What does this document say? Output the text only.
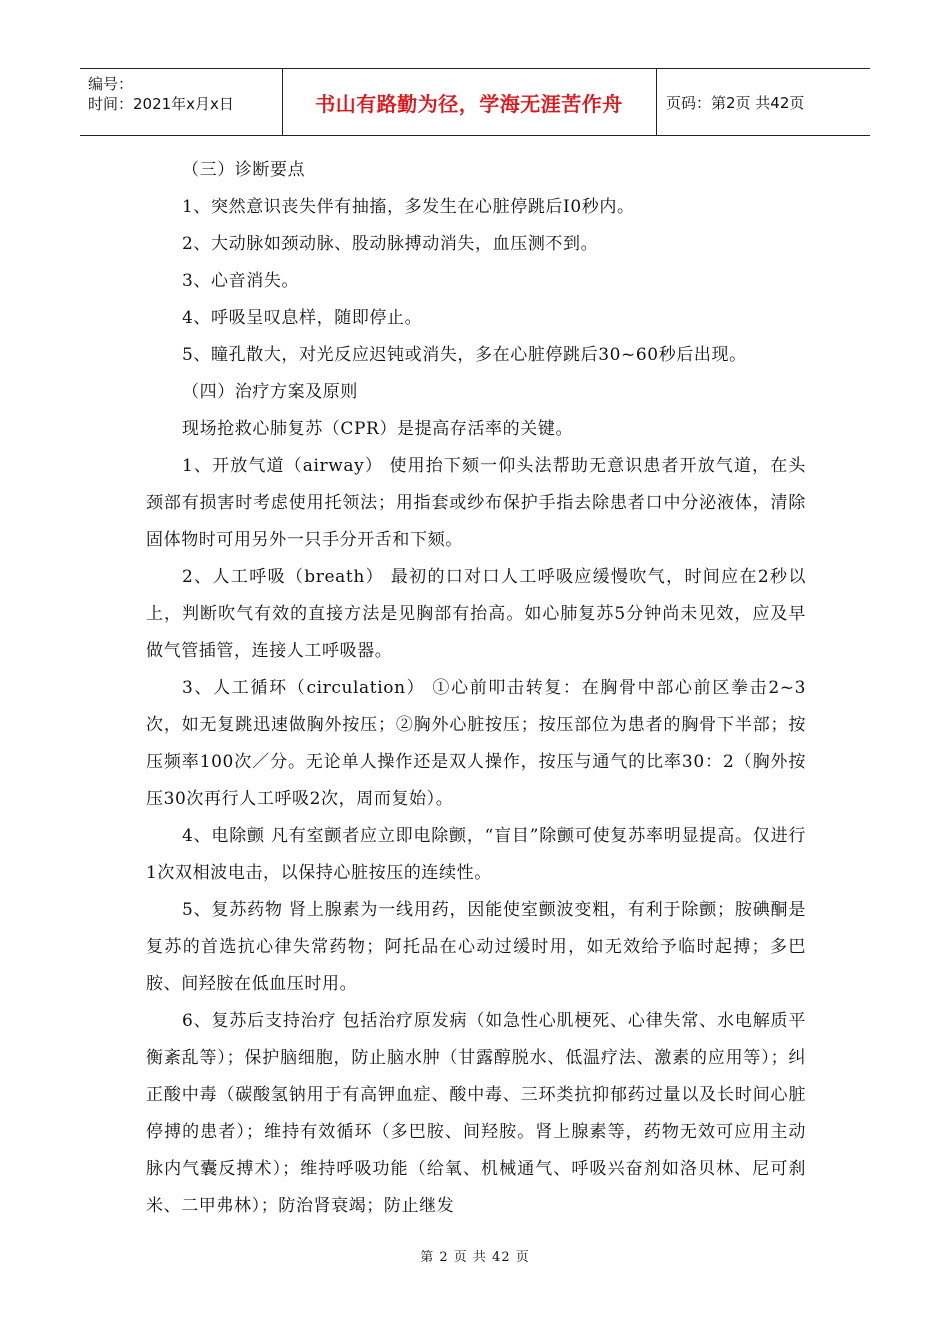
编号：
时间：2021年x月x日	书山有路勤为径，学海无涯苦作舟	页码：第2页 共42页

（三）诊断要点

1、突然意识丧失伴有抽搐，多发生在心脏停跳后I0秒内。

2、大动脉如颈动脉、股动脉搏动消失，血压测不到。

3、心音消失。

4、呼吸呈叹息样，随即停止。

5、瞳孔散大，对光反应迟钝或消失，多在心脏停跳后30~60秒后出现。

（四）治疗方案及原则

现场抢救心肺复苏（CPR）是提高存活率的关键。

1、开放气道（airway） 使用抬下颏一仰头法帮助无意识患者开放气道，在头颈部有损害时考虑使用托领法；用指套或纱布保护手指去除患者口中分泌液体，清除固体物时可用另外一只手分开舌和下颏。

2、人工呼吸（breath） 最初的口对口人工呼吸应缓慢吹气，时间应在2秒以上，判断吹气有效的直接方法是见胸部有抬高。如心肺复苏5分钟尚未见效，应及早做气管插管，连接人工呼吸器。

3、人工循环（circulation） ①心前叩击转复：在胸骨中部心前区拳击2~3次，如无复跳迅速做胸外按压；②胸外心脏按压；按压部位为患者的胸骨下半部；按压频率100次／分。无论单人操作还是双人操作，按压与通气的比率30：2（胸外按压30次再行人工呼吸2次，周而复始）。

4、电除颤 凡有室颤者应立即电除颤，“盲目”除颤可使复苏率明显提高。仅进行1次双相波电击，以保持心脏按压的连续性。

5、复苏药物 肾上腺素为一线用药，因能使室颤波变粗，有利于除颤；胺碘酮是复苏的首选抗心律失常药物；阿托品在心动过缓时用，如无效给予临时起搏；多巴胺、间羟胺在低血压时用。

6、复苏后支持治疗 包括治疗原发病（如急性心肌梗死、心律失常、水电解质平衡紊乱等）；保护脑细胞，防止脑水肿（甘露醇脱水、低温疗法、激素的应用等）；纠正酸中毒（碳酸氢钠用于有高钾血症、酸中毒、三环类抗抑郁药过量以及长时间心脏停搏的患者）；维持有效循环（多巴胺、间羟胺。肾上腺素等，药物无效可应用主动脉内气囊反搏术）；维持呼吸功能（给氧、机械通气、呼吸兴奋剂如洛贝林、尼可刹米、二甲弗林）；防治肾衰竭；防止继发

第 2 页 共 42 页
